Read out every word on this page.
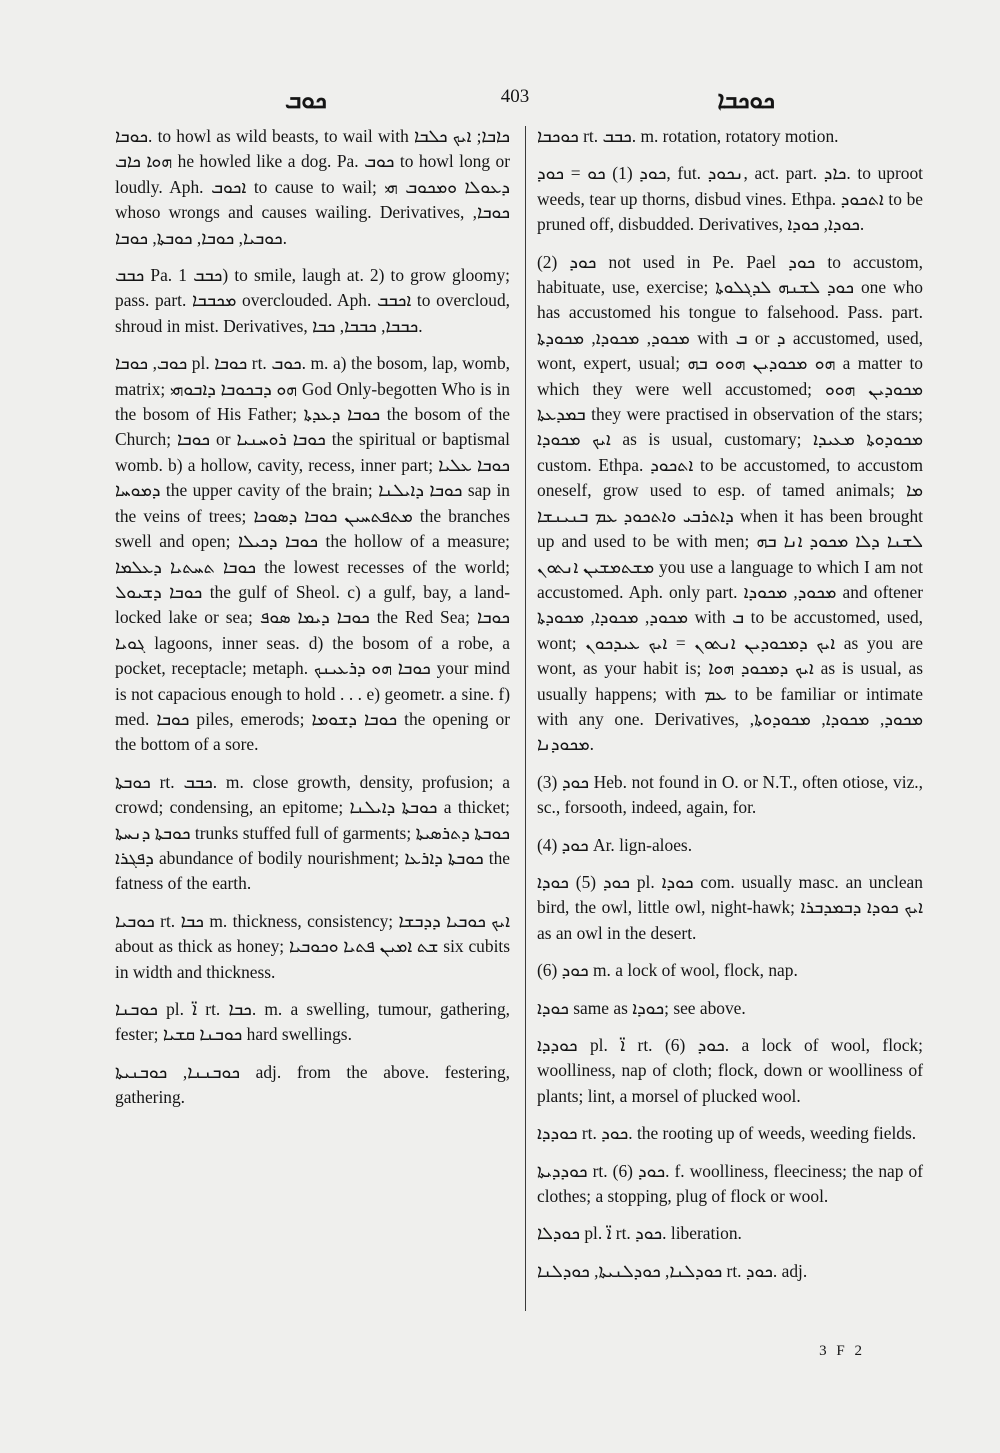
ܟܘܒ	403	ܟܘܟܒܐ

ܟܘܒܐ. to howl as wild beasts, to wail with ܟܐܒܐ; ܐܝܟ ܟܠܒܐ ܗܘܐ ܟܐܒ he howled like a dog. Pa. ܟܘܒ to howl long or loudly. Aph. ܐܟܘܒ to cause to wail; ܕܥܘܠܐ ܘܡܟܘܒ ܗܝ whoso wrongs and causes wailing. Derivatives, ܟܘܒܐ, ܟܘܒܝܐ, ܟܘܒܐ, ܟܘܒܬܐ, ܟܘܒܐ.

ܟܒܒ Pa. ܟܒܒ 1) to smile, laugh at. 2) to grow gloomy; pass. part. ܡܟܒܒܐ overclouded. Aph. ܐܟܒܒ to overcloud, shroud in mist. Derivatives, ܟܒܒܐ, ܟܒܒܐ, ܟܒܐ.

ܟܘܒ, ܟܘܒܐ pl. ܟܘܒܐ rt. ܟܘܒ. m. a) the bosom, lap, womb, matrix; ܗܘ ܕܒܟܘܒܐ ܕܐܒܘܗܝ God Only-begotten Who is in the bosom of His Father; ܟܘܒܐ ܕܥܕܬܐ the bosom of the Church; ܟܘܒܐ or ܟܘܒܐ ܪܘܚܢܝܐ the spiritual or baptismal womb. b) a hollow, cavity, recess, inner part; ܟܘܒܐ ܥܠܝܐ ܕܡܘܚܐ the upper cavity of the brain; ܟܘܒܐ ܕܐܝܠܢܐ sap in the veins of trees; ܡܬܦܬܚܝܢ ܟܘܒܐ ܕܣܘܟܐ the branches swell and open; ܟܘܒܐ ܕܟܝܠܐ the hollow of a measure; ܟܘܒܐ ܬܚܬܝܐ ܕܥܠܡܐ the lowest recesses of the world; ܟܘܒܐ ܕܫܝܘܠ the gulf of Sheol. c) a gulf, bay, a land-locked lake or sea; ܟܘܒܐ ܕܝܡܐ ܣܘܦ the Red Sea; ܟܘܒܐ ܓܘܝܐ lagoons, inner seas. d) the bosom of a robe, a pocket, receptacle; metaph. ܟܘܒܐ ܗܘ ܕܪܥܝܢܟ your mind is not capacious enough to hold . . . e) geometr. a sine. f) med. ܟܘܒܐ piles, emerods; ܟܘܒܐ ܕܫܘܡܐ the opening or the bottom of a sore.

ܟܘܒܬܐ rt. ܟܒܒ. m. close growth, density, profusion; a crowd; condensing, an epitome; ܟܘܒܬܐ ܕܐܝܠܢܐ a thicket; ܟܘܒܬܐ ܕܢܚܬܐ trunks stuffed full of garments; ܟܘܒܬܐ ܕܬܪܣܝܬܐ ܕܦܓܪܐ abundance of bodily nourishment; ܟܘܒܬܐ ܕܐܪܥܐ the fatness of the earth.

ܟܘܒܝܐ rt. ܟܒܐ m. thickness, consistency; ܐܝܟ ܟܘܒܝܐ ܕܕܒܫܐ about as thick as honey; ܫܬ ܐܡܝܢ ܦܬܝܐ ܘܟܘܒܝܐ six cubits in width and thickness.

ܟܘܒܢܐ pl. ܐ̈ rt. ܟܒܐ. m. a swelling, tumour, gathering, fester; ܟܘܒܢܐ ܩܫܝܐ hard swellings.

ܟܘܒܢܢܐ, ܟܘܒܢܝܬܐ adj. from the above. festering, gathering.

ܟܘܟܒܐ rt. ܟܒܒ. m. rotation, rotatory motion.

ܟܘܕ (1) ܟܘ = ܟܘܕ, fut. ܢܟܘܕ, act. part. ܟܐܕ. to uproot weeds, tear up thorns, disbud vines. Ethpa. ܐܬܟܘܕ to be pruned off, disbudded. Derivatives, ܟܘܕܐ, ܟܘܕܐ.

ܟܘܕ (2) not used in Pe. Pael ܟܘܕ to accustom, habituate, use, exercise; ܟܘܕ ܠܫܢܗ ܠܕܓܠܘܬܐ one who has accustomed his tongue to falsehood. Pass. part. ܡܟܘܕ, ܡܟܘܕܐ, ܡܟܘܕܬܐ with ܒ or ܕ accustomed, used, wont, expert, usual; ܗܘ ܡܟܘܕܝܢ ܗܘܘ ܒܗ a matter to which they were well accustomed; ܡܟܘܕܝܢ ܗܘܘ ܒܡܕܥܬܐ they were practised in observation of the stars; ܐܝܟ ܡܟܘܕܐ as is usual, customary; ܡܟܘܕܘܬܐ ܡܥܝܕܐ custom. Ethpa. ܐܬܟܘܕ to be accustomed, to accustom oneself, grow used to esp. of tamed animals; ܡܐ ܕܐܬܪܒܝ ܘܐܬܟܘܕ ܥܡ ܒܢܝܢܫܐ when it has been brought up and used to be with men; ܠܫܢܐ ܕܠܐ ܡܟܘܕ ܐܢܐ ܒܗ ܡܫܬܡܫܝܢ ܐܢܬܘܢ you use a language to which I am not accustomed. Aph. only part. ܡܟܘܕ, ܡܟܘܕܐ and oftener ܡܟܘܕ, ܡܟܘܕܐ, ܡܟܘܕܬܐ with ܒ to be accustomed, used, wont; ܐܝܟ ܕܡܟܘܕܝܢ ܐܢܬܘܢ = ܐܝܟ ܥܝܕܟܘܢ as you are wont, as your habit is; ܐܝܟ ܕܡܟܘܕ ܗܘܐ as is usual, as usually happens; with ܥܡ to be familiar or intimate with any one. Derivatives, ܡܟܘܕ, ܡܟܘܕܐ, ܡܟܘܕܘܬܐ, ܡܟܘܕܢܐ.

ܟܘܕ (3) Heb. not found in O. or N.T., often otiose, viz., sc., forsooth, indeed, again, for.

ܟܘܕ (4) Ar. lign-aloes.

ܟܘܕ (5) ܟܘܕܐ pl. ܟܘܕܐ com. usually masc. an unclean bird, the owl, little owl, night-hawk; ܐܝܟ ܟܘܕܐ ܕܒܡܕܒܪܐ as an owl in the desert.

ܟܘܕ (6) m. a lock of wool, flock, nap.

ܟܘܕܐ same as ܟܘܕܐ; see above.

ܟܘܕܕܐ pl. ܐ̈ rt. ܟܘܕ (6). a lock of wool, flock; woolliness, nap of cloth; flock, down or woolliness of plants; lint, a morsel of plucked wool.

ܟܘܕܕܐ rt. ܟܘܕ. the rooting up of weeds, weeding fields.

ܟܘܕܕܝܬܐ rt. ܟܘܕ (6). f. woolliness, fleeciness; the nap of clothes; a stopping, plug of flock or wool.

ܟܘܕܠܐ pl. ܐ̈ rt. ܟܘܕ. liberation.

ܟܘܕܠܢܐ, ܟܘܕܠܢܝܬܐ, ܟܘܕܠܢܐ rt. ܟܘܕ. adj.

3 F 2
